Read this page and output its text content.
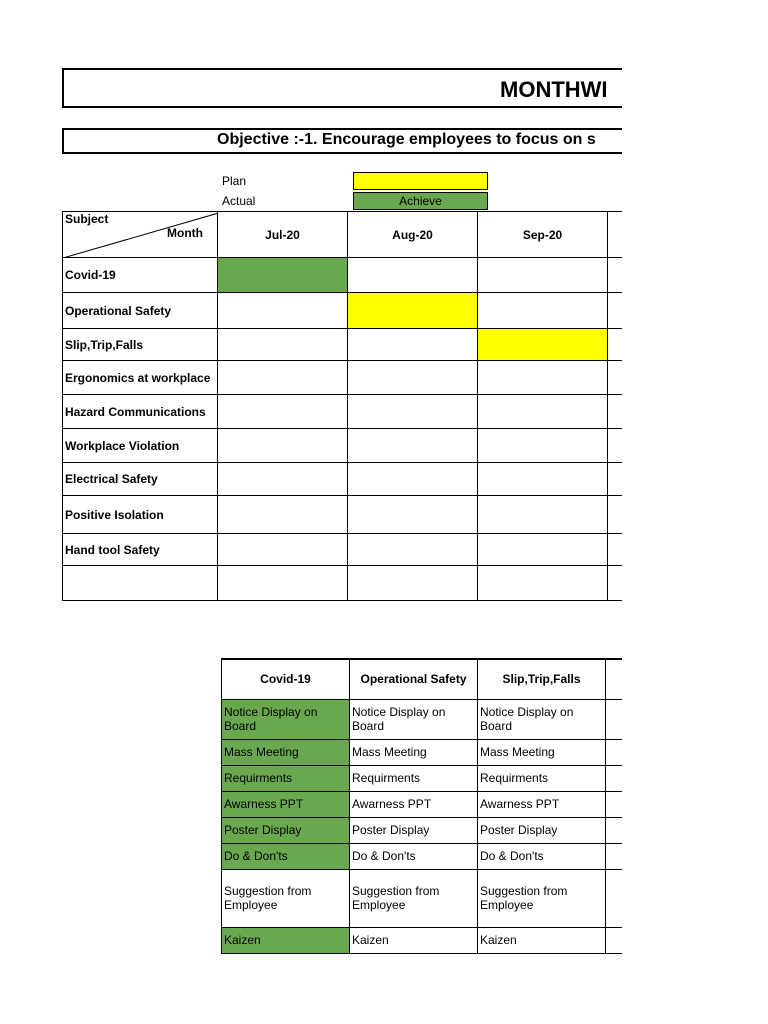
MONTHWI
Objective :-1. Encourage employees to focus on s
Plan
Actual	Achieve
Subject
Month	Jul-20	Aug-20	Sep-20	
Covid-19				
Operational Safety				
Slip,Trip,Falls				
Ergonomics at workplace				
Hazard Communications				
Workplace Violation				
Electrical Safety				
Positive Isolation				
Hand tool Safety				

Covid-19	Operational Safety	Slip,Trip,Falls	
Notice Display on Board	Notice Display on Board	Notice Display on Board	
Mass Meeting	Mass Meeting	Mass Meeting	
Requirments	Requirments	Requirments	
Awarness PPT	Awarness PPT	Awarness PPT	
Poster Display	Poster Display	Poster Display	
Do & Don'ts	Do & Don'ts	Do & Don'ts	
Suggestion from Employee	Suggestion from Employee	Suggestion from Employee	
Kaizen	Kaizen	Kaizen	
